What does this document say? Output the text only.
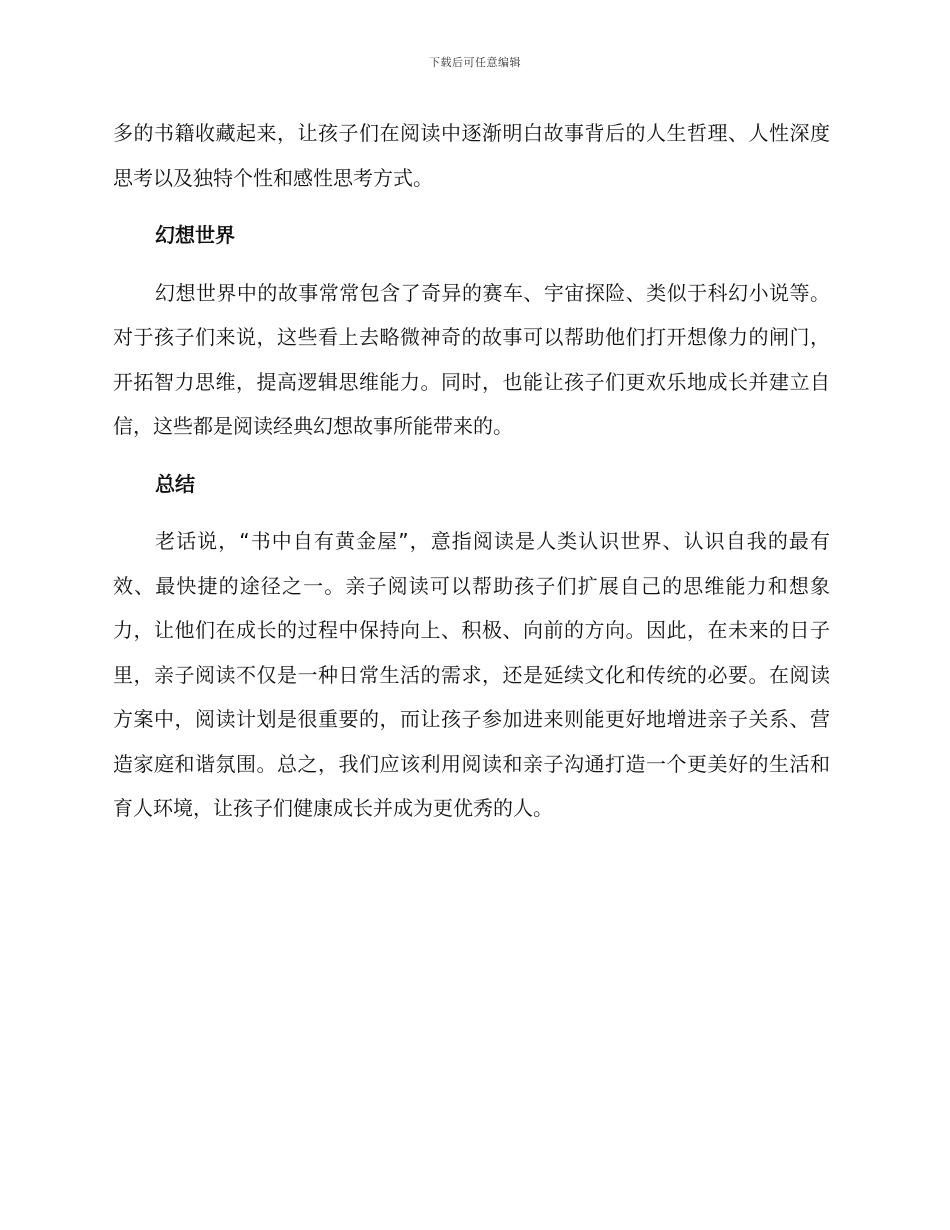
下载后可任意编辑

多的书籍收藏起来，让孩子们在阅读中逐渐明白故事背后的人生哲理、人性深度思考以及独特个性和感性思考方式。

幻想世界

幻想世界中的故事常常包含了奇异的赛车、宇宙探险、类似于科幻小说等。对于孩子们来说，这些看上去略微神奇的故事可以帮助他们打开想像力的闸门，开拓智力思维，提高逻辑思维能力。同时，也能让孩子们更欢乐地成长并建立自信，这些都是阅读经典幻想故事所能带来的。

总结

老话说，“书中自有黄金屋”，意指阅读是人类认识世界、认识自我的最有效、最快捷的途径之一。亲子阅读可以帮助孩子们扩展自己的思维能力和想象力，让他们在成长的过程中保持向上、积极、向前的方向。因此，在未来的日子里，亲子阅读不仅是一种日常生活的需求，还是延续文化和传统的必要。在阅读方案中，阅读计划是很重要的，而让孩子参加进来则能更好地增进亲子关系、营造家庭和谐氛围。总之，我们应该利用阅读和亲子沟通打造一个更美好的生活和育人环境，让孩子们健康成长并成为更优秀的人。
